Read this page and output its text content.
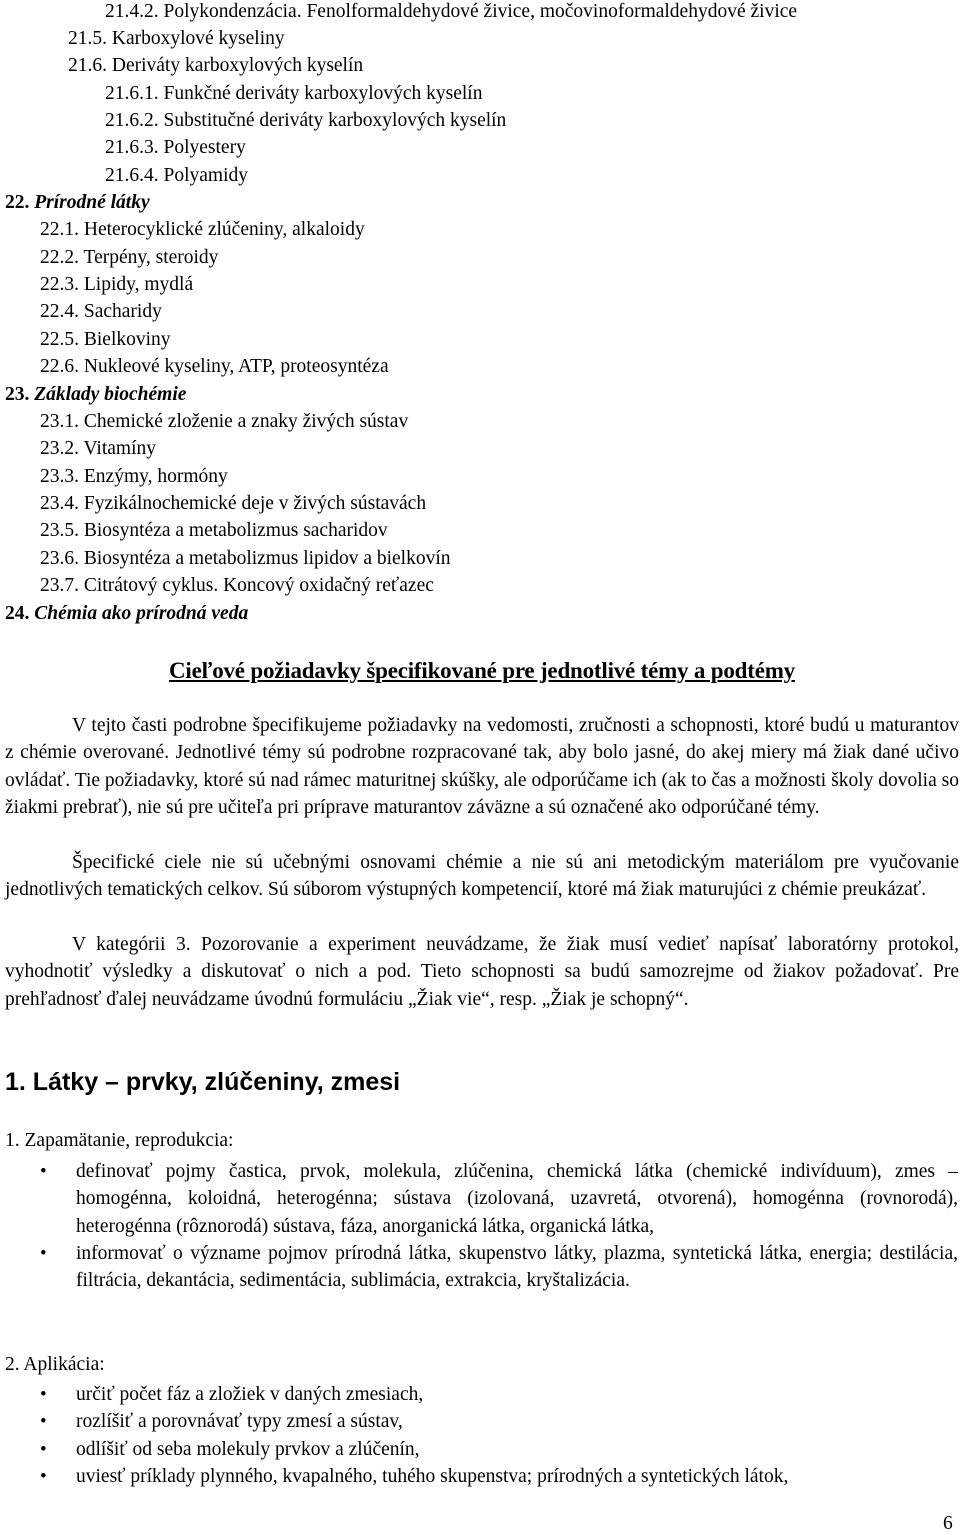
21.4.2. Polykondenzácia. Fenolformaldehydové živice, močovinoformaldehydové živice
21.5. Karboxylové kyseliny
21.6. Deriváty karboxylových kyselín
21.6.1. Funkčné deriváty karboxylových kyselín
21.6.2. Substitučné deriváty karboxylových kyselín
21.6.3. Polyestery
21.6.4. Polyamidy
22. Prírodné látky
22.1. Heterocyklické zlúčeniny, alkaloidy
22.2. Terpény, steroidy
22.3. Lipidy, mydlá
22.4. Sacharidy
22.5. Bielkoviny
22.6. Nukleové kyseliny, ATP, proteosyntéza
23. Základy biochémie
23.1. Chemické zloženie a znaky živých sústav
23.2. Vitamíny
23.3. Enzýmy, hormóny
23.4. Fyzikálnochemické deje v živých sústavách
23.5. Biosyntéza a metabolizmus sacharidov
23.6. Biosyntéza a metabolizmus lipidov a bielkovín
23.7. Citrátový cyklus. Koncový oxidačný reťazec
24. Chémia ako prírodná veda
Cieľové požiadavky špecifikované pre jednotlivé témy a podtémy

V tejto časti podrobne špecifikujeme požiadavky na vedomosti, zručnosti a schopnosti, ktoré budú u maturantov z chémie overované. Jednotlivé témy sú podrobne rozpracované tak, aby bolo jasné, do akej miery má žiak dané učivo ovládať. Tie požiadavky, ktoré sú nad rámec maturitnej skúšky, ale odporúčame ich (ak to čas a možnosti školy dovolia so žiakmi prebrať), nie sú pre učiteľa pri príprave maturantov záväzne a sú označené ako odporúčané témy.

Špecifické ciele nie sú učebnými osnovami chémie a nie sú ani metodickým materiálom pre vyučovanie jednotlivých tematických celkov. Sú súborom výstupných kompetencií, ktoré má žiak maturujúci z chémie preukázať.

V kategórii 3. Pozorovanie a experiment neuvádzame, že žiak musí vedieť napísať laboratórny protokol, vyhodnotiť výsledky a diskutovať o nich a pod. Tieto schopnosti sa budú samozrejme od žiakov požadovať. Pre prehľadnosť ďalej neuvádzame úvodnú formuláciu „Žiak vie“, resp. „Žiak je schopný“.

1. Látky – prvky, zlúčeniny, zmesi
1. Zapamätanie, reprodukcia:
• definovať pojmy častica, prvok, molekula, zlúčenina, chemická látka (chemické indivíduum), zmes – homogénna, koloidná, heterogénna; sústava (izolovaná, uzavretá, otvorená), homogénna (rovnorodá), heterogénna (rôznorodá) sústava, fáza, anorganická látka, organická látka,
• informovať o význame pojmov prírodná látka, skupenstvo látky, plazma, syntetická látka, energia; destilácia, filtrácia, dekantácia, sedimentácia, sublimácia, extrakcia, kryštalizácia.
2. Aplikácia:
• určiť počet fáz a zložiek v daných zmesiach,
• rozlíšiť a porovnávať typy zmesí a sústav,
• odlíšiť od seba molekuly prvkov a zlúčenín,
• uviesť príklady plynného, kvapalného, tuhého skupenstva; prírodných a syntetických látok,
6
